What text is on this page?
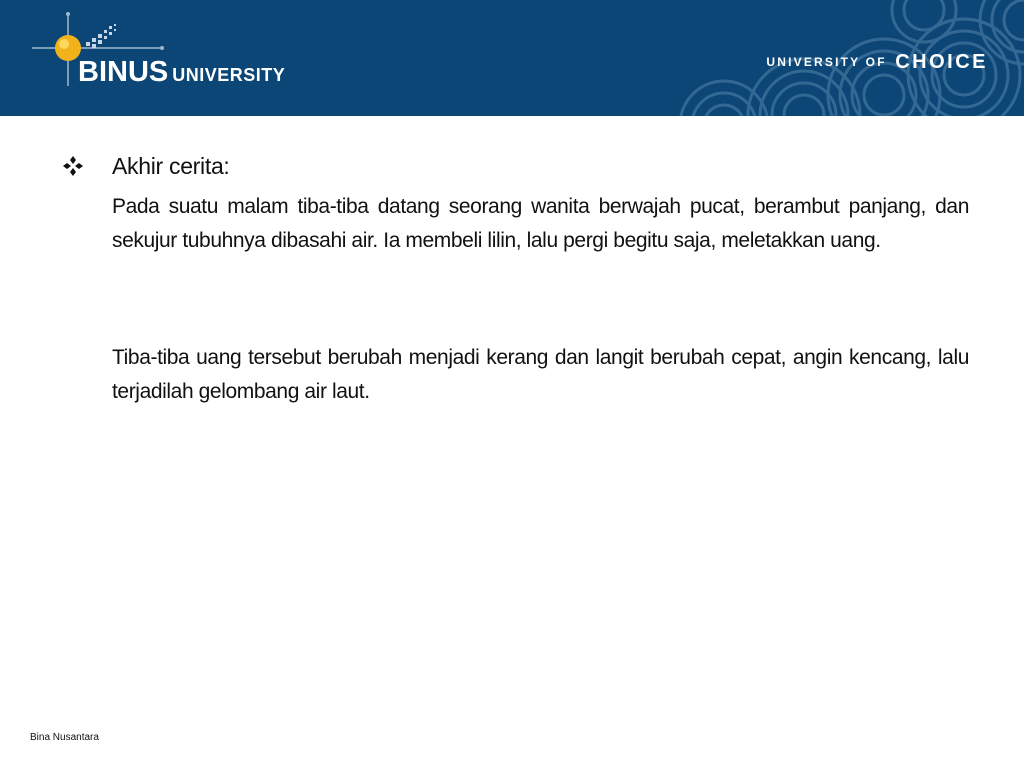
BINUS UNIVERSITY
UNIVERSITY OF CHOICE
Akhir cerita:
Pada suatu malam tiba-tiba datang seorang wanita berwajah pucat, berambut panjang, dan sekujur tubuhnya dibasahi air. Ia membeli lilin, lalu pergi begitu saja, meletakkan uang.
Tiba-tiba uang tersebut berubah menjadi kerang dan langit berubah cepat, angin kencang, lalu terjadilah gelombang air laut.
Bina Nusantara
